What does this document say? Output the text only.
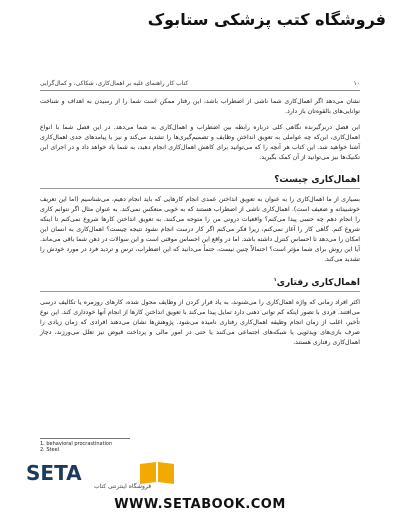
فروشگاه کتب پزشکی ستابوک
۱۰
کتاب کار راهنمای غلبه بر اهمال‌کاری، شکاکی، و کمال‌گرایی

نشان می‌دهد اگر اهمال‌کاری شما ناشی از اضطراب باشد، این رفتار ممکن است شما را از رسیدن به اهداف و شناخت توانایی‌های بالقوه‌تان باز دارد.

این فصل دربرگیرنده نگاهی کلی درباره رابطه بین اضطراب و اهمال‌کاری به شما می‌دهد. در این فصل شما با انواع اهمال‌کاری، این‌که چه عواملی به تعویق انداختن وظایف و تصمیم‌گیری‌ها را تشدید می‌کند و نیز با پیامدهای جدی اهمال‌کاری آشنا خواهید شد. این کتاب هر آنچه را که می‌توانید برای کاهش اهمال‌کاری انجام دهید، به شما یاد خواهد داد و در اجرای این تکنیک‌ها نیز می‌توانید از آن کمک بگیرید.

اهمال‌کاری چیست؟

بسیاری از ما اهمال‌کاری را به عنوان به تعویق انداختن عمدی انجام کارهایی که باید انجام دهیم، می‌شناسیم (اما این تعریف خوشبینانه و ضعیف است). اهمال‌کاری ناشی از اضطراب هستند که به خوبی منعکس نمی‌کند. به عنوان مثال اگر نتوانم کاری را انجام دهم چه حسی پیدا می‌کنم؟ واقعیات درونی من را متوجه می‌کنند. به تعویق انداختن کارها شروع نمی‌کنم تا اینکه شروع کنم. گاهی کار را آغاز نمی‌کنم، زیرا فکر می‌کنم اگر کار درست انجام نشود نتیجه چیست؟ اهمال‌کاری به انسان این امکان را می‌دهد تا احساس کنترل داشته باشد. اما در واقع این احساس موقتی است و این سوالات در ذهن شما باقی می‌ماند. آیا این روش برای شما مؤثر است؟ احتمالاً چنین نیست، حتماً می‌دانید که این اضطراب، ترس و تردید فرد در مورد خودش را تشدید می‌کند.

اهمال‌کاری رفتاری$^۱$

اکثر افراد زمانی که واژه اهمال‌کاری را می‌شنوند، به یاد فرار کردن از وظایف محول شده، کارهای روزمره یا تکالیف درسی می‌افتند. فردی با تصور اینکه کم توانی ذهنی دارد تمایل پیدا می‌کند با تعویق انداختن کارها از انجام آنها خودداری کند. این نوع تأخیر، اغلب از زمان انجام وظیفه اهمال‌کاری رفتاری نامیده می‌شود. پژوهش‌ها نشان می‌دهند افرادی که زمان زیادی را صرف بازی‌های ویدئویی یا شبکه‌های اجتماعی می‌کنند یا حتی در امور مالی و پرداخت قبوض نیز تعلل می‌ورزند، دچار اهمال‌کاری رفتاری هستند.

1. behavioral procrastination
2. Steel
SETA
فروشگاه اینترنتی کتاب
WWW.SETABOOK.COM
